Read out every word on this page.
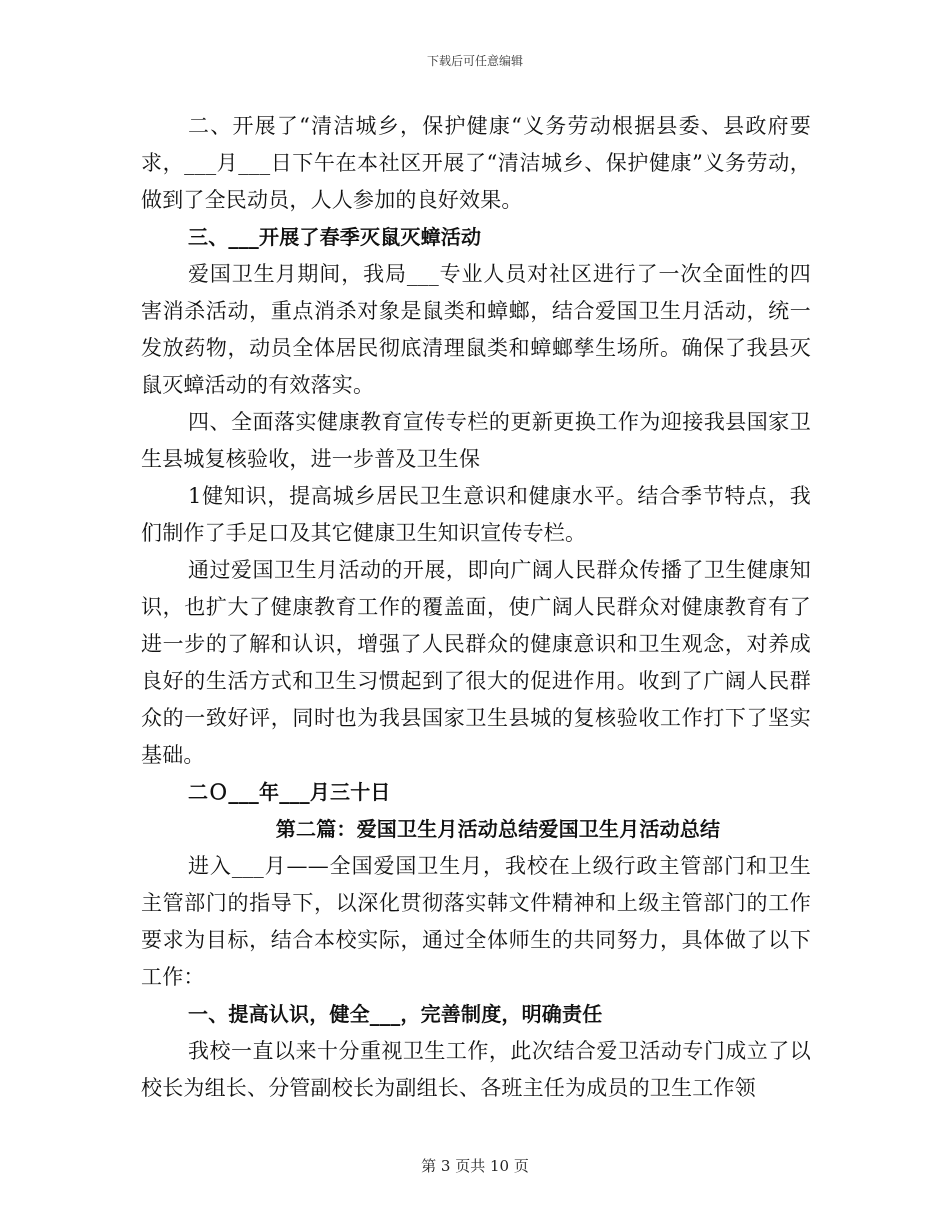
下载后可任意编辑

二、开展了“清洁城乡，保护健康“义务劳动根据县委、县政府要求，___月___日下午在本社区开展了“清洁城乡、保护健康”义务劳动，做到了全民动员，人人参加的良好效果。

三、___开展了春季灭鼠灭蟑活动

爱国卫生月期间，我局___专业人员对社区进行了一次全面性的四害消杀活动，重点消杀对象是鼠类和蟑螂，结合爱国卫生月活动，统一发放药物，动员全体居民彻底清理鼠类和蟑螂孳生场所。确保了我县灭鼠灭蟑活动的有效落实。

四、全面落实健康教育宣传专栏的更新更换工作为迎接我县国家卫生县城复核验收，进一步普及卫生保

1健知识，提高城乡居民卫生意识和健康水平。结合季节特点，我们制作了手足口及其它健康卫生知识宣传专栏。

通过爱国卫生月活动的开展，即向广阔人民群众传播了卫生健康知识，也扩大了健康教育工作的覆盖面，使广阔人民群众对健康教育有了进一步的了解和认识，增强了人民群众的健康意识和卫生观念，对养成良好的生活方式和卫生习惯起到了很大的促进作用。收到了广阔人民群众的一致好评，同时也为我县国家卫生县城的复核验收工作打下了坚实基础。

二Ｏ___年___月三十日

第二篇：爱国卫生月活动总结爱国卫生月活动总结

进入___月——全国爱国卫生月，我校在上级行政主管部门和卫生主管部门的指导下，以深化贯彻落实韩文件精神和上级主管部门的工作要求为目标，结合本校实际，通过全体师生的共同努力，具体做了以下工作：

一、提高认识，健全___，完善制度，明确责任

我校一直以来十分重视卫生工作，此次结合爱卫活动专门成立了以校长为组长、分管副校长为副组长、各班主任为成员的卫生工作领

第 3 页共 10 页
